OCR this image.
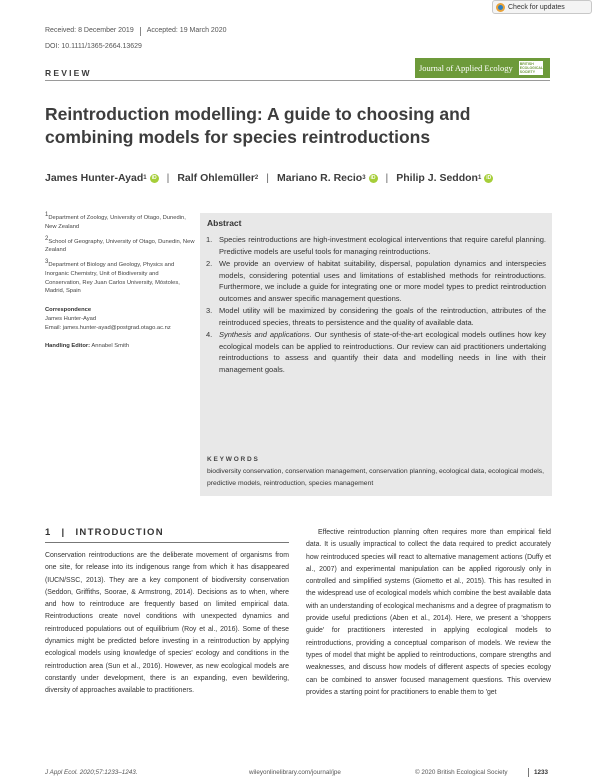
Check for updates
Received: 8 December 2019 Accepted: 19 March 2020
DOI: 10.1111/1365-2664.13629
REVIEW	Journal of Applied Ecology BRITISH
ECOLOGICAL
SOCIETY
Reintroduction modelling: A guide to choosing and combining models for species reintroductions
James Hunter-Ayad 1	iD | Ralf Ohlemüller 2 | Mariano R. Recio 3	iD | Philip J. Seddon 1	iD

$^1$Department of Zoology, University of Otago, Dunedin, New Zealand

$^2$School of Geography, University of Otago, Dunedin, New Zealand

$^3$Department of Biology and Geology, Physics and Inorganic Chemistry, Unit of Biodiversity and Conservation, Rey Juan Carlos University, Móstoles, Madrid, Spain

Correspondence
James Hunter-Ayad
Email: james.hunter-ayad@postgrad.otago.ac.nz
Handling Editor: Annabel Smith
Abstract
1. Species reintroductions are high-investment ecological interventions that require careful planning. Predictive models are useful tools for managing reintroductions.
2. We provide an overview of habitat suitability, dispersal, population dynamics and interspecies models, considering potential uses and limitations of established methods for reintroductions. Furthermore, we include a guide for integrating one or more model types to predict reintroduction outcomes and answer specific management questions.
3. Model utility will be maximized by considering the goals of the reintroduction, attributes of the reintroduced species, threats to persistence and the quality of available data.
4. Synthesis and applications. Our synthesis of state-of-the-art ecological models outlines how key ecological models can be applied to reintroductions. Our review can aid practitioners undertaking reintroductions to assess and quantify their data and modelling needs in line with their management goals.
KEYWORDS
biodiversity conservation, conservation management, conservation planning, ecological data, ecological models, predictive models, reintroduction, species management
1 | INTRODUCTION

Conservation reintroductions are the deliberate movement of organisms from one site, for release into its indigenous range from which it has disappeared (IUCN/SSC, 2013). They are a key component of biodiversity conservation (Seddon, Griffiths, Soorae, & Armstrong, 2014). Decisions as to when, where and how to reintroduce are frequently based on limited empirical data. Reintroductions create novel conditions with unexpected dynamics and reintroduced populations out of equilibrium (Roy et al., 2016). Some of these dynamics might be predicted before investing in a reintroduction by applying ecological models using knowledge of species' ecology and conditions in the reintroduction area (Sun et al., 2016). However, as new ecological models are constantly under development, there is an expanding, even bewildering, diversity of approaches available to practitioners.

Effective reintroduction planning often requires more than empirical field data. It is usually impractical to collect the data required to predict accurately how reintroduced species will react to alternative management actions (Duffy et al., 2007) and experimental manipulation can be applied rigorously only in controlled and simplified systems (Giometto et al., 2015). This has resulted in the widespread use of ecological models which combine the best available data with an understanding of ecological mechanisms and a degree of pragmatism to provide useful predictions (Aben et al., 2014). Here, we present a 'shoppers guide' for practitioners interested in applying ecological models to reintroductions, providing a conceptual comparison of models. We review the types of model that might be applied to reintroductions, compare strengths and weaknesses, and discuss how models of different aspects of species ecology can be combined to answer focused management questions. This overview provides a starting point for practitioners to enable them to 'get

J Appl Ecol. 2020;57:1233–1243.	wileyonlinelibrary.com/journal/jpe	© 2020 British Ecological Society	1233
